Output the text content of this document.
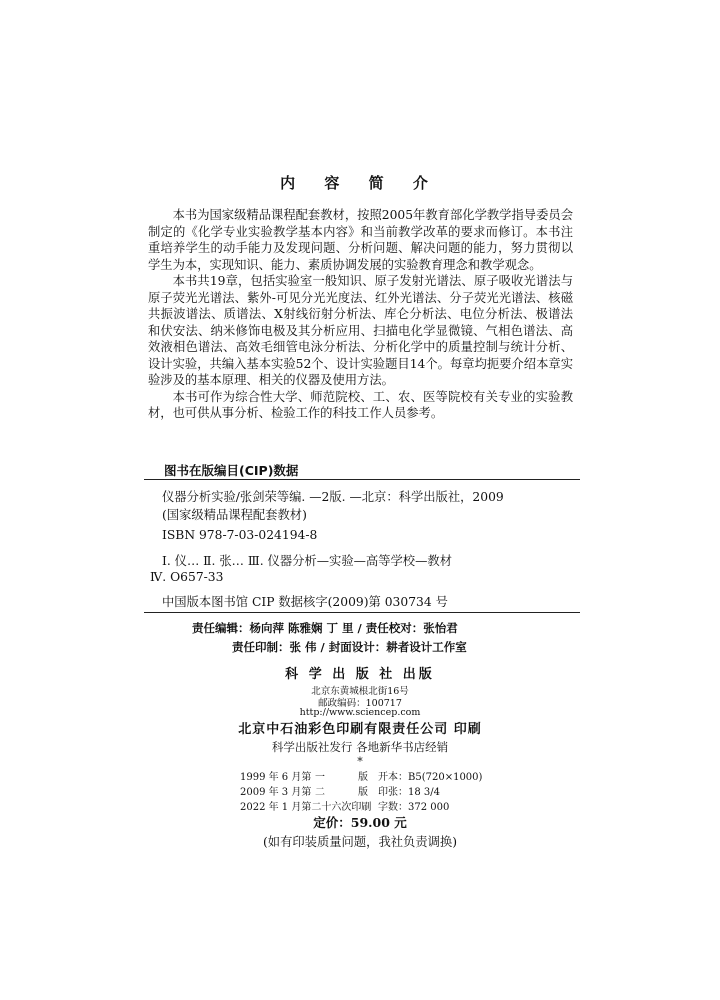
内 容 简 介

本书为国家级精品课程配套教材，按照2005年教育部化学教学指导委员会制定的《化学专业实验教学基本内容》和当前教学改革的要求而修订。本书注重培养学生的动手能力及发现问题、分析问题、解决问题的能力，努力贯彻以学生为本，实现知识、能力、素质协调发展的实验教育理念和教学观念。

本书共19章，包括实验室一般知识、原子发射光谱法、原子吸收光谱法与原子荧光光谱法、紫外-可见分光光度法、红外光谱法、分子荧光光谱法、核磁共振波谱法、质谱法、X射线衍射分析法、库仑分析法、电位分析法、极谱法和伏安法、纳米修饰电极及其分析应用、扫描电化学显微镜、气相色谱法、高效液相色谱法、高效毛细管电泳分析法、分析化学中的质量控制与统计分析、设计实验，共编入基本实验52个、设计实验题目14个。每章均扼要介绍本章实验涉及的基本原理、相关的仪器及使用方法。

本书可作为综合性大学、师范院校、工、农、医等院校有关专业的实验教材，也可供从事分析、检验工作的科技工作人员参考。

图书在版编目(CIP)数据
仪器分析实验/张剑荣等编. —2版. —北京：科学出版社，2009
(国家级精品课程配套教材)
ISBN 978-7-03-024194-8
Ⅰ. 仪… Ⅱ. 张… Ⅲ. 仪器分析—实验—高等学校—教材
Ⅳ. O657-33
中国版本图书馆 CIP 数据核字(2009)第 030734 号
责任编辑：杨向萍 陈雅娴 丁 里 / 责任校对：张怡君
责任印制：张 伟 / 封面设计：耕者设计工作室
科 学 出 版 社 出版
北京东黄城根北街16号
邮政编码：100717
http://www.sciencep.com
北京中石油彩色印刷有限责任公司 印刷
科学出版社发行 各地新华书店经销
*
1999 年 6 月第 一	版 开本：B5(720×1000)
2009 年 3 月第 二	版 印张：18 3/4
2022 年 1 月第二十六次印刷 字数：372 000
定价：59.00 元
(如有印装质量问题，我社负责调换)
